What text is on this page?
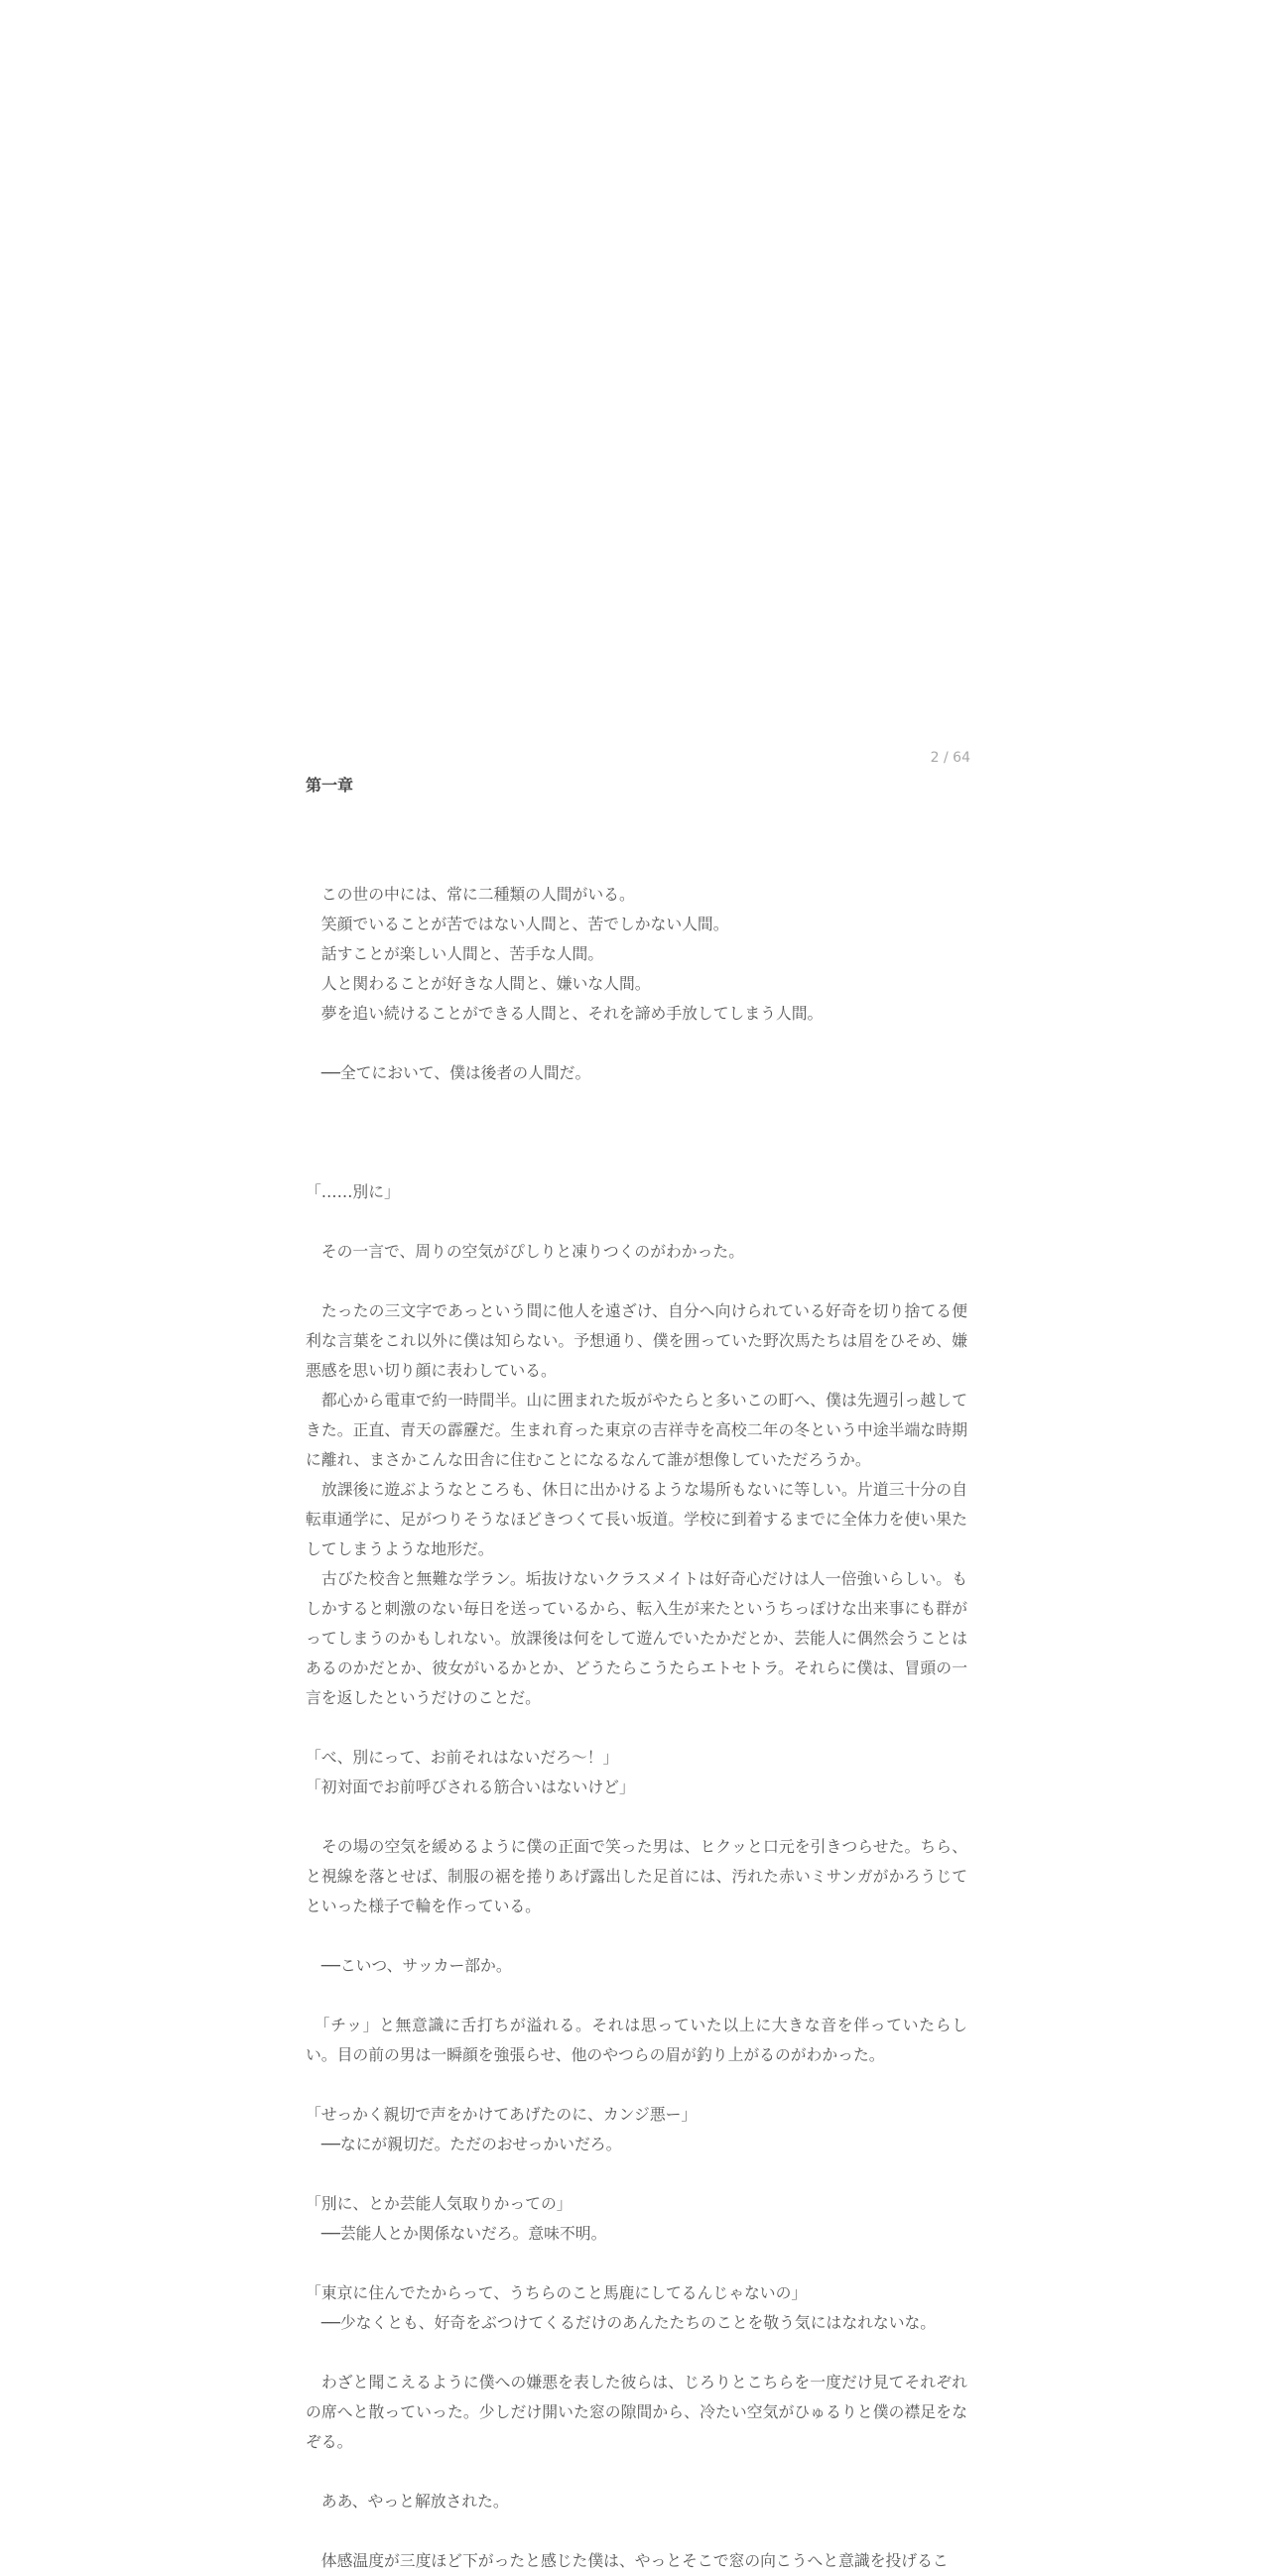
2 / 64
第一章

　この世の中には、常に二種類の人間がいる。

　笑顔でいることが苦ではない人間と、苦でしかない人間。

　話すことが楽しい人間と、苦手な人間。

　人と関わることが好きな人間と、嫌いな人間。

　夢を追い続けることができる人間と、それを諦め手放してしまう人間。

　──全てにおいて、僕は後者の人間だ。

「……別に」

　その一言で、周りの空気がぴしりと凍りつくのがわかった。

　たったの三文字であっという間に他人を遠ざけ、自分へ向けられている好奇を切り捨てる便利な言葉をこれ以外に僕は知らない。予想通り、僕を囲っていた野次馬たちは眉をひそめ、嫌悪感を思い切り顔に表わしている。

　都心から電車で約一時間半。山に囲まれた坂がやたらと多いこの町へ、僕は先週引っ越してきた。正直、青天の霹靂だ。生まれ育った東京の吉祥寺を高校二年の冬という中途半端な時期に離れ、まさかこんな田舎に住むことになるなんて誰が想像していただろうか。

　放課後に遊ぶようなところも、休日に出かけるような場所もないに等しい。片道三十分の自転車通学に、足がつりそうなほどきつくて長い坂道。学校に到着するまでに全体力を使い果たしてしまうような地形だ。

　古びた校舎と無難な学ラン。垢抜けないクラスメイトは好奇心だけは人一倍強いらしい。もしかすると刺激のない毎日を送っているから、転入生が来たというちっぽけな出来事にも群がってしまうのかもしれない。放課後は何をして遊んでいたかだとか、芸能人に偶然会うことはあるのかだとか、彼女がいるかとか、どうたらこうたらエトセトラ。それらに僕は、冒頭の一言を返したというだけのことだ。

「べ、別にって、お前それはないだろ〜！」

「初対面でお前呼びされる筋合いはないけど」

　その場の空気を緩めるように僕の正面で笑った男は、ヒクッと口元を引きつらせた。ちら、と視線を落とせば、制服の裾を捲りあげ露出した足首には、汚れた赤いミサンガがかろうじてといった様子で輪を作っている。

　──こいつ、サッカー部か。

　「チッ」と無意識に舌打ちが溢れる。それは思っていた以上に大きな音を伴っていたらしい。目の前の男は一瞬顔を強張らせ、他のやつらの眉が釣り上がるのがわかった。

「せっかく親切で声をかけてあげたのに、カンジ悪ー」

　──なにが親切だ。ただのおせっかいだろ。

「別に、とか芸能人気取りかっての」

　──芸能人とか関係ないだろ。意味不明。

「東京に住んでたからって、うちらのこと馬鹿にしてるんじゃないの」

　──少なくとも、好奇をぶつけてくるだけのあんたたちのことを敬う気にはなれないな。

　わざと聞こえるように僕への嫌悪を表した彼らは、じろりとこちらを一度だけ見てそれぞれの席へと散っていった。少しだけ開いた窓の隙間から、冷たい空気がひゅるりと僕の襟足をなぞる。

　ああ、やっと解放された。

　体感温度が三度ほど下がったと感じた僕は、やっとそこで窓の向こうへと意識を投げるこ
